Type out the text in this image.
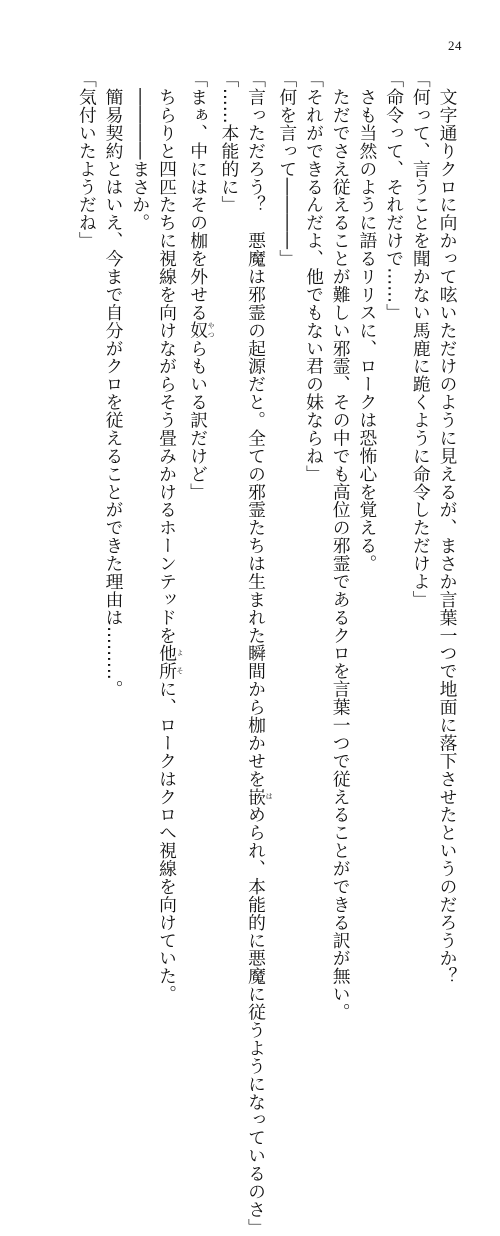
24
　文字通りクロに向かって呟いただけのように見えるが、まさか言葉一つで地面に落下させたというのだろうか？
「何って、言うことを聞かない馬鹿に跪くように命令しただけよ」
「命令って、それだけで……」
　さも当然のように語るリリスに、ロークは恐怖心を覚える。
　ただでさえ従えることが難しい邪霊、その中でも高位の邪霊であるクロを言葉一つで従えることができる訳が無い。
「それができるんだよ、他でもない君の妹ならね」
「何を言って――――」
「言っただろう？　悪魔は邪霊の起源だと。全ての邪霊たちは生まれた瞬間から枷かせを嵌はめられ、本能的に悪魔に従うようになっているのさ」
「……本能的に」
「まぁ、中にはその枷を外せる奴やつらもいる訳だけど」
　ちらりと四匹たちに視線を向けながらそう畳みかけるホーンテッドを他所よそに、ロークはクロへ視線を向けていた。
　――――まさか。
　簡易契約とはいえ、今まで自分がクロを従えることができた理由は………。
「気付いたようだね」
